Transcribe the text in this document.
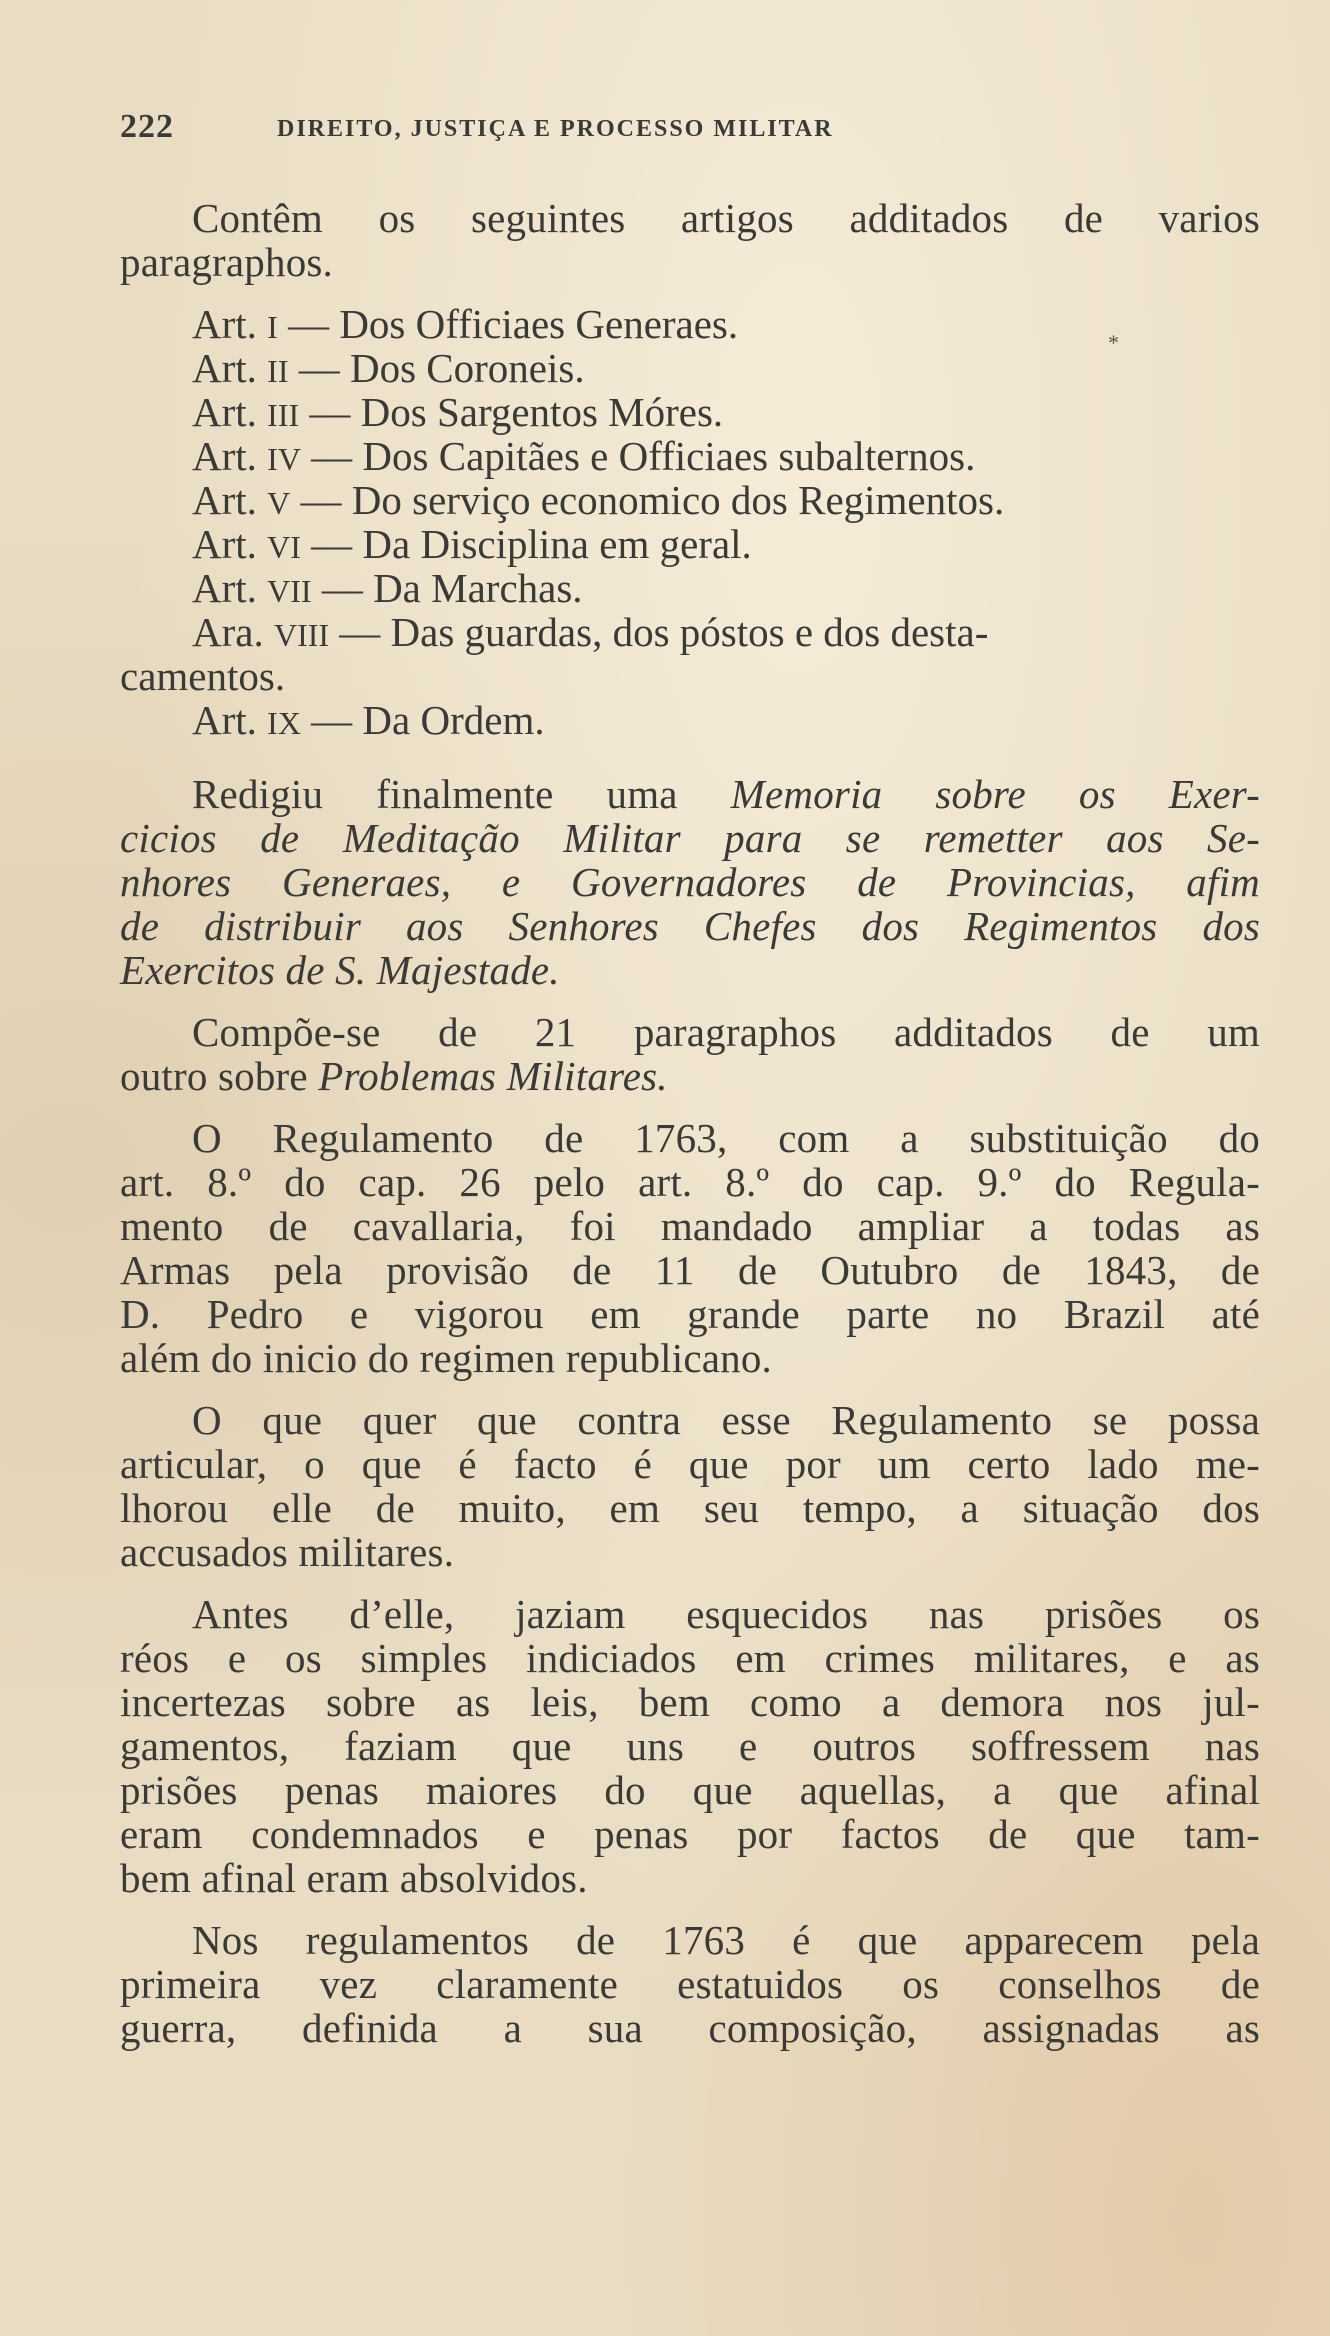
222	DIREITO, JUSTIÇA E PROCESSO MILITAR
*
Contêm os seguintes artigos additados de varios
paragraphos.
Art. I — Dos Officiaes Generaes.
Art. II — Dos Coroneis.
Art. III — Dos Sargentos Móres.
Art. IV — Dos Capitães e Officiaes subalternos.
Art. V — Do serviço economico dos Regimentos.
Art. VI — Da Disciplina em geral.
Art. VII — Da Marchas.
Ara. VIII — Das guardas, dos póstos e dos desta-
camentos.
Art. IX — Da Ordem.
Redigiu finalmente uma Memoria sobre os Exer-
cicios de Meditação Militar para se remetter aos Se-
nhores Generaes, e Governadores de Provincias, afim
de distribuir aos Senhores Chefes dos Regimentos dos
Exercitos de S. Majestade.
Compõe-se de 21 paragraphos additados de um
outro sobre Problemas Militares.
O Regulamento de 1763, com a substituição do
art. 8.º do cap. 26 pelo art. 8.º do cap. 9.º do Regula-
mento de cavallaria, foi mandado ampliar a todas as
Armas pela provisão de 11 de Outubro de 1843, de
D. Pedro e vigorou em grande parte no Brazil até
além do inicio do regimen republicano.
O que quer que contra esse Regulamento se possa
articular, o que é facto é que por um certo lado me-
lhorou elle de muito, em seu tempo, a situação dos
accusados militares.
Antes d’elle, jaziam esquecidos nas prisões os
réos e os simples indiciados em crimes militares, e as
incertezas sobre as leis, bem como a demora nos jul-
gamentos, faziam que uns e outros soffressem nas
prisões penas maiores do que aquellas, a que afinal
eram condemnados e penas por factos de que tam-
bem afinal eram absolvidos.
Nos regulamentos de 1763 é que apparecem pela
primeira vez claramente estatuidos os conselhos de
guerra, definida a sua composição, assignadas as
